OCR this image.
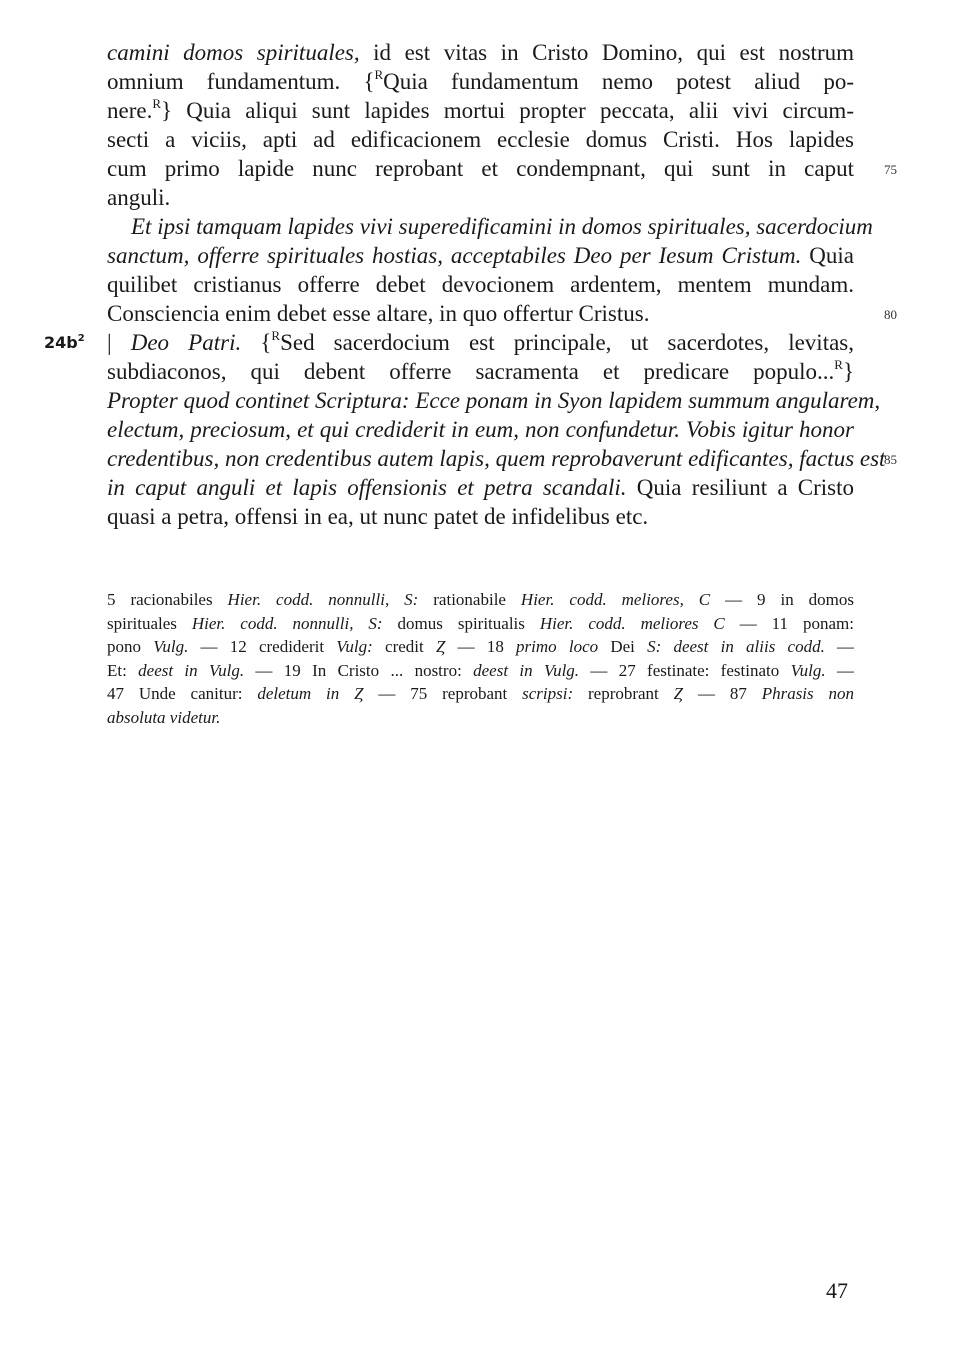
camini domos spirituales, id est vitas in Cristo Domino, qui est nostrum
omnium fundamentum. {$^R$Quia fundamentum nemo potest aliud po-
nere.$^R$} Quia aliqui sunt lapides mortui propter peccata, alii vivi circum-
secti a viciis, apti ad edificacionem ecclesie domus Cristi. Hos lapides
cum primo lapide nunc reprobant et condempnant, qui sunt in caput
anguli.
Et ipsi tamquam lapides vivi superedificamini in domos spirituales, sacerdocium
sanctum, offerre spirituales hostias, acceptabiles Deo per Iesum Cristum. Quia
quilibet cristianus offerre debet devocionem ardentem, mentem mundam.
Consciencia enim debet esse altare, in quo offertur Cristus.
| Deo Patri. {$^R$Sed sacerdocium est principale, ut sacerdotes, levitas,
subdiaconos, qui debent offerre sacramenta et predicare populo...$^R$}
Propter quod continet Scriptura: Ecce ponam in Syon lapidem summum angularem,
electum, preciosum, et qui crediderit in eum, non confundetur. Vobis igitur honor
credentibus, non credentibus autem lapis, quem reprobaverunt edificantes, factus est
in caput anguli et lapis offensionis et petra scandali. Quia resiliunt a Cristo
quasi a petra, offensi in ea, ut nunc patet de infidelibus etc.
75
80
85
$24b^2$
5 racionabiles Hier. codd. nonnulli, S: rationabile Hier. codd. meliores, C — 9 in domos
spirituales Hier. codd. nonnulli, S: domus spiritualis Hier. codd. meliores C — 11 ponam:
pono Vulg. — 12 crediderit Vulg: credit Ȥ — 18 primo loco Dei S: deest in aliis codd. —
Et: deest in Vulg. — 19 In Cristo ... nostro: deest in Vulg. — 27 festinate: festinato Vulg. —
47 Unde canitur: deletum in Ȥ — 75 reprobant scripsi: reprobrant Ȥ — 87 Phrasis non
absoluta videtur.
47
